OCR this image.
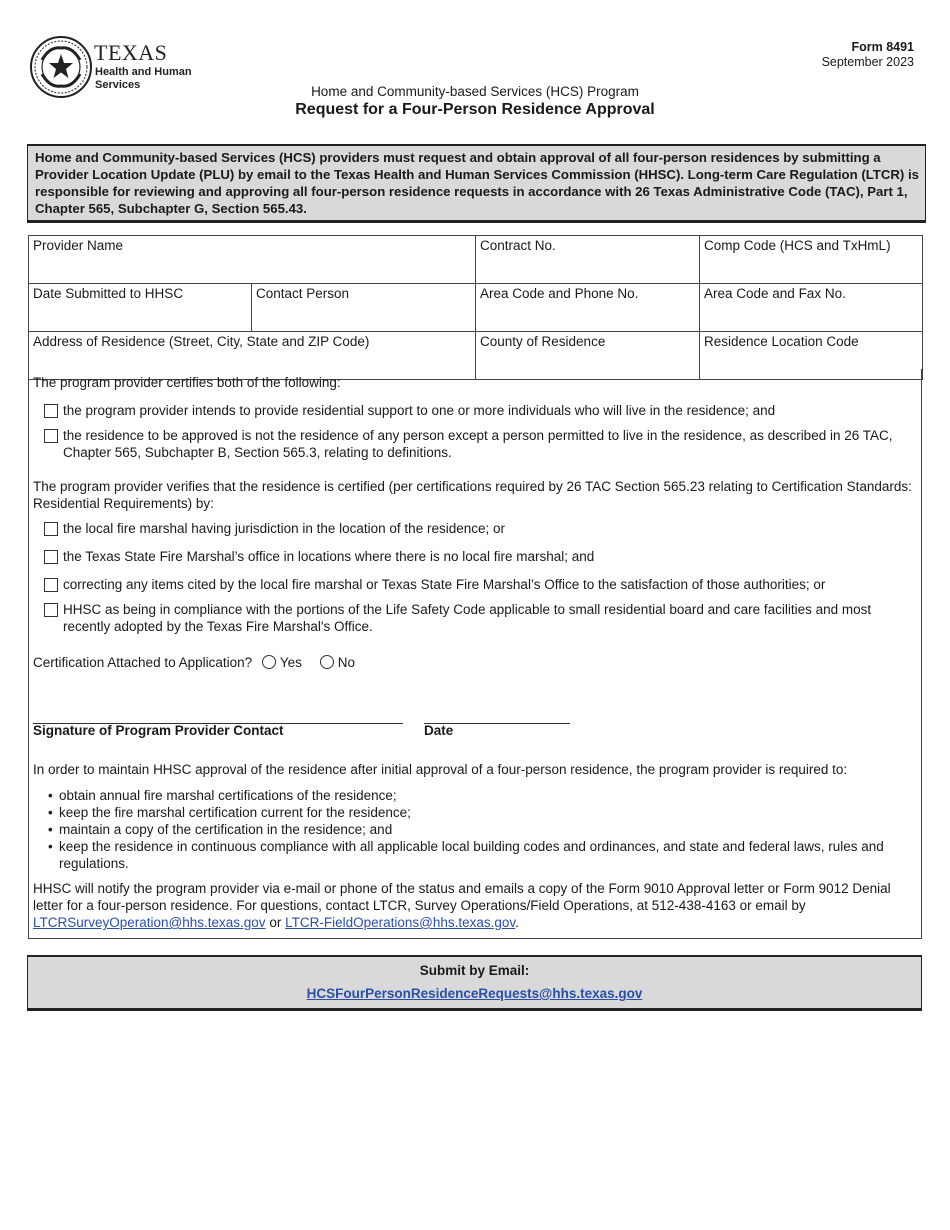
TEXAS
Health and Human Services
Form 8491
September 2023
Home and Community-based Services (HCS) Program
Request for a Four-Person Residence Approval
Home and Community-based Services (HCS) providers must request and obtain approval of all four-person residences by submitting a Provider Location Update (PLU) by email to the Texas Health and Human Services Commission (HHSC). Long-term Care Regulation (LTCR) is responsible for reviewing and approving all four-person residence requests in accordance with 26 Texas Administrative Code (TAC), Part 1, Chapter 565, Subchapter G, Section 565.43.
Provider Name		Contract No.	Comp Code (HCS and TxHmL)
Date Submitted to HHSC	Contact Person	Area Code and Phone No.	Area Code and Fax No.
Address of Residence (Street, City, State and ZIP Code)		County of Residence	Residence Location Code
The program provider certifies both of the following:
the program provider intends to provide residential support to one or more individuals who will live in the residence; and
the residence to be approved is not the residence of any person except a person permitted to live in the residence, as described in 26 TAC, Chapter 565, Subchapter B, Section 565.3, relating to definitions.
The program provider verifies that the residence is certified (per certifications required by 26 TAC Section 565.23 relating to Certification Standards: Residential Requirements) by:
the local fire marshal having jurisdiction in the location of the residence; or
the Texas State Fire Marshal’s office in locations where there is no local fire marshal; and
correcting any items cited by the local fire marshal or Texas State Fire Marshal’s Office to the satisfaction of those authorities; or
HHSC as being in compliance with the portions of the Life Safety Code applicable to small residential board and care facilities and most recently adopted by the Texas Fire Marshal's Office.
Certification Attached to Application? Yes	No
Signature of Program Provider Contact	Date
In order to maintain HHSC approval of the residence after initial approval of a four-person residence, the program provider is required to:
• obtain annual fire marshal certifications of the residence;
• keep the fire marshal certification current for the residence;
• maintain a copy of the certification in the residence; and
• keep the residence in continuous compliance with all applicable local building codes and ordinances, and state and federal laws, rules and regulations.
HHSC will notify the program provider via e-mail or phone of the status and emails a copy of the Form 9010 Approval letter or Form 9012 Denial letter for a four-person residence. For questions, contact LTCR, Survey Operations/Field Operations, at 512-438-4163 or email by
LTCRSurveyOperation@hhs.texas.gov or LTCR-FieldOperations@hhs.texas.gov.
Submit by Email:
HCSFourPersonResidenceRequests@hhs.texas.gov
